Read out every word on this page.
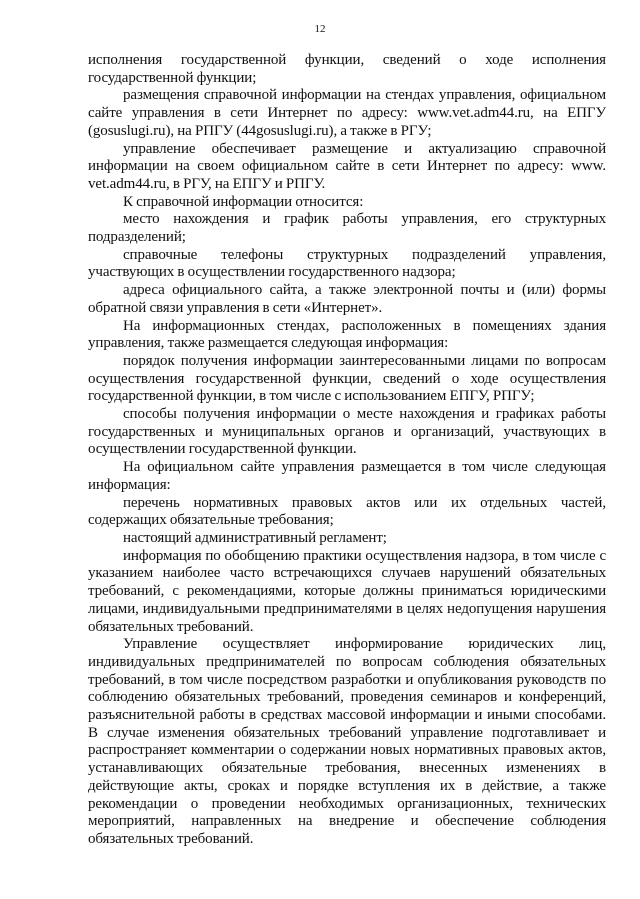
12

исполнения государственной функции, сведений о ходе исполнения государственной функции;

размещения справочной информации на стендах управления, официальном сайте управления в сети Интернет по адресу: www.vet.adm44.ru, на ЕПГУ (gosuslugi.ru), на РПГУ (44gosuslugi.ru), а также в РГУ;

управление обеспечивает размещение и актуализацию справочной информации на своем официальном сайте в сети Интернет по адресу: www. vet.adm44.ru, в РГУ, на ЕПГУ и РПГУ.

К справочной информации относится:

место нахождения и график работы управления, его структурных подразделений;

справочные телефоны структурных подразделений управления, участвующих в осуществлении государственного надзора;

адреса официального сайта, а также электронной почты и (или) формы обратной связи управления в сети «Интернет».

На информационных стендах, расположенных в помещениях здания управления, также размещается следующая информация:

порядок получения информации заинтересованными лицами по вопросам осуществления государственной функции, сведений о ходе осуществления государственной функции, в том числе с использованием ЕПГУ, РПГУ;

способы получения информации о месте нахождения и графиках работы государственных и муниципальных органов и организаций, участвующих в осуществлении государственной функции.

На официальном сайте управления размещается в том числе следующая информация:

перечень нормативных правовых актов или их отдельных частей, содержащих обязательные требования;

настоящий административный регламент;

информация по обобщению практики осуществления надзора, в том числе с указанием наиболее часто встречающихся случаев нарушений обязательных требований, с рекомендациями, которые должны приниматься юридическими лицами, индивидуальными предпринимателями в целях недопущения нарушения обязательных требований.

Управление осуществляет информирование юридических лиц, индивидуальных предпринимателей по вопросам соблюдения обязательных требований, в том числе посредством разработки и опубликования руководств по соблюдению обязательных требований, проведения семинаров и конференций, разъяснительной работы в средствах массовой информации и иными способами. В случае изменения обязательных требований управление подготавливает и распространяет комментарии о содержании новых нормативных правовых актов, устанавливающих обязательные требования, внесенных изменениях в действующие акты, сроках и порядке вступления их в действие, а также рекомендации о проведении необходимых организационных, технических мероприятий, направленных на внедрение и обеспечение соблюдения обязательных требований.
